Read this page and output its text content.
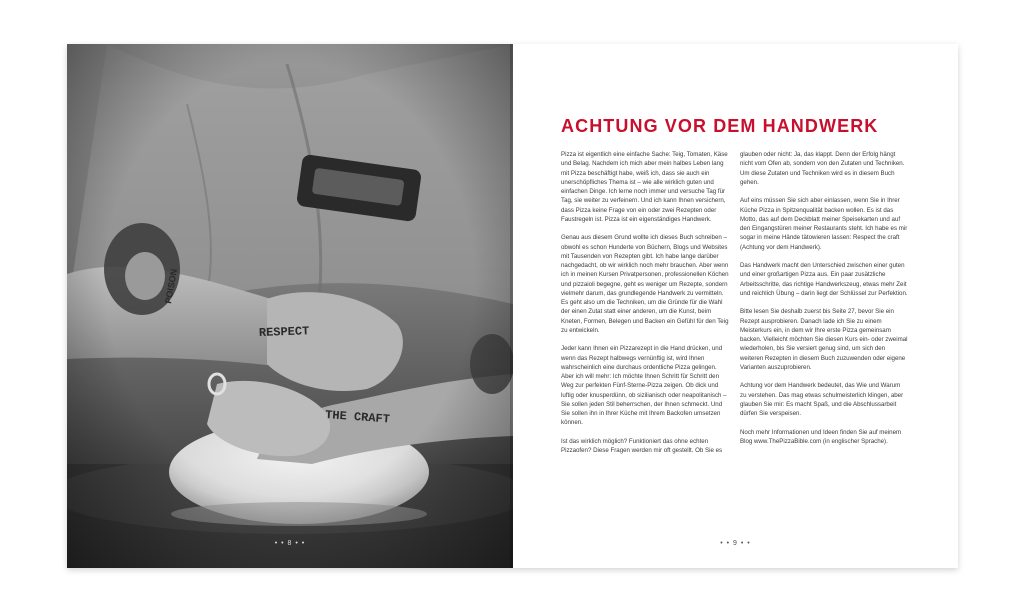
• • 8 • •
ACHTUNG VOR DEM HANDWERK

Pizza ist eigentlich eine einfache Sache: Teig, Tomaten, Käse und Belag. Nachdem ich mich aber mein halbes Leben lang mit Pizza beschäftigt habe, weiß ich, dass sie auch ein unerschöpfliches Thema ist – wie alle wirklich guten und einfachen Dinge. Ich lerne noch immer und versuche Tag für Tag, sie weiter zu verfeinern. Und ich kann Ihnen versichern, dass Pizza keine Frage von ein oder zwei Rezepten oder Faustregeln ist. Pizza ist ein eigenständiges Handwerk.

Genau aus diesem Grund wollte ich dieses Buch schreiben – obwohl es schon Hunderte von Büchern, Blogs und Websites mit Tausenden von Rezepten gibt. Ich habe lange darüber nachgedacht, ob wir wirklich noch mehr brauchen. Aber wenn ich in meinen Kursen Privatpersonen, professionellen Köchen und pizzaioli begegne, geht es weniger um Rezepte, sondern vielmehr darum, das grundlegende Handwerk zu vermitteln. Es geht also um die Techniken, um die Gründe für die Wahl der einen Zutat statt einer anderen, um die Kunst, beim Kneten, Formen, Belegen und Backen ein Gefühl für den Teig zu entwickeln.

Jeder kann Ihnen ein Pizzarezept in die Hand drücken, und wenn das Rezept halbwegs vernünftig ist, wird Ihnen wahrscheinlich eine durchaus ordentliche Pizza gelingen. Aber ich will mehr: Ich möchte Ihnen Schritt für Schritt den Weg zur perfekten Fünf-Sterne-Pizza zeigen. Ob dick und luftig oder knusperdünn, ob sizilianisch oder neapolitanisch – Sie sollen jeden Stil beherrschen, der Ihnen schmeckt. Und Sie sollen ihn in Ihrer Küche mit Ihrem Backofen umsetzen können.

Ist das wirklich möglich? Funktioniert das ohne echten Pizzaofen? Diese Fragen werden mir oft gestellt. Ob Sie es

glauben oder nicht: Ja, das klappt. Denn der Erfolg hängt nicht vom Ofen ab, sondern von den Zutaten und Techniken. Um diese Zutaten und Techniken wird es in diesem Buch gehen.

Auf eins müssen Sie sich aber einlassen, wenn Sie in Ihrer Küche Pizza in Spitzenqualität backen wollen. Es ist das Motto, das auf dem Deckblatt meiner Speisekarten und auf den Eingangstüren meiner Restaurants steht. Ich habe es mir sogar in meine Hände tätowieren lassen: Respect the craft (Achtung vor dem Handwerk).

Das Handwerk macht den Unterschied zwischen einer guten und einer großartigen Pizza aus. Ein paar zusätzliche Arbeitsschritte, das richtige Handwerkszeug, etwas mehr Zeit und reichlich Übung – darin liegt der Schlüssel zur Perfektion.

Bitte lesen Sie deshalb zuerst bis Seite 27, bevor Sie ein Rezept ausprobieren. Danach lade ich Sie zu einem Meisterkurs ein, in dem wir Ihre erste Pizza gemeinsam backen. Vielleicht möchten Sie diesen Kurs ein- oder zweimal wiederholen, bis Sie versiert genug sind, um sich den weiteren Rezepten in diesem Buch zuzuwenden oder eigene Varianten auszuprobieren.

Achtung vor dem Handwerk bedeutet, das Wie und Warum zu verstehen. Das mag etwas schulmeisterlich klingen, aber glauben Sie mir: Es macht Spaß, und die Abschlussarbeit dürfen Sie verspeisen.

Noch mehr Informationen und Ideen finden Sie auf meinem Blog www.ThePizzaBible.com (in englischer Sprache).

• • 9 • •
